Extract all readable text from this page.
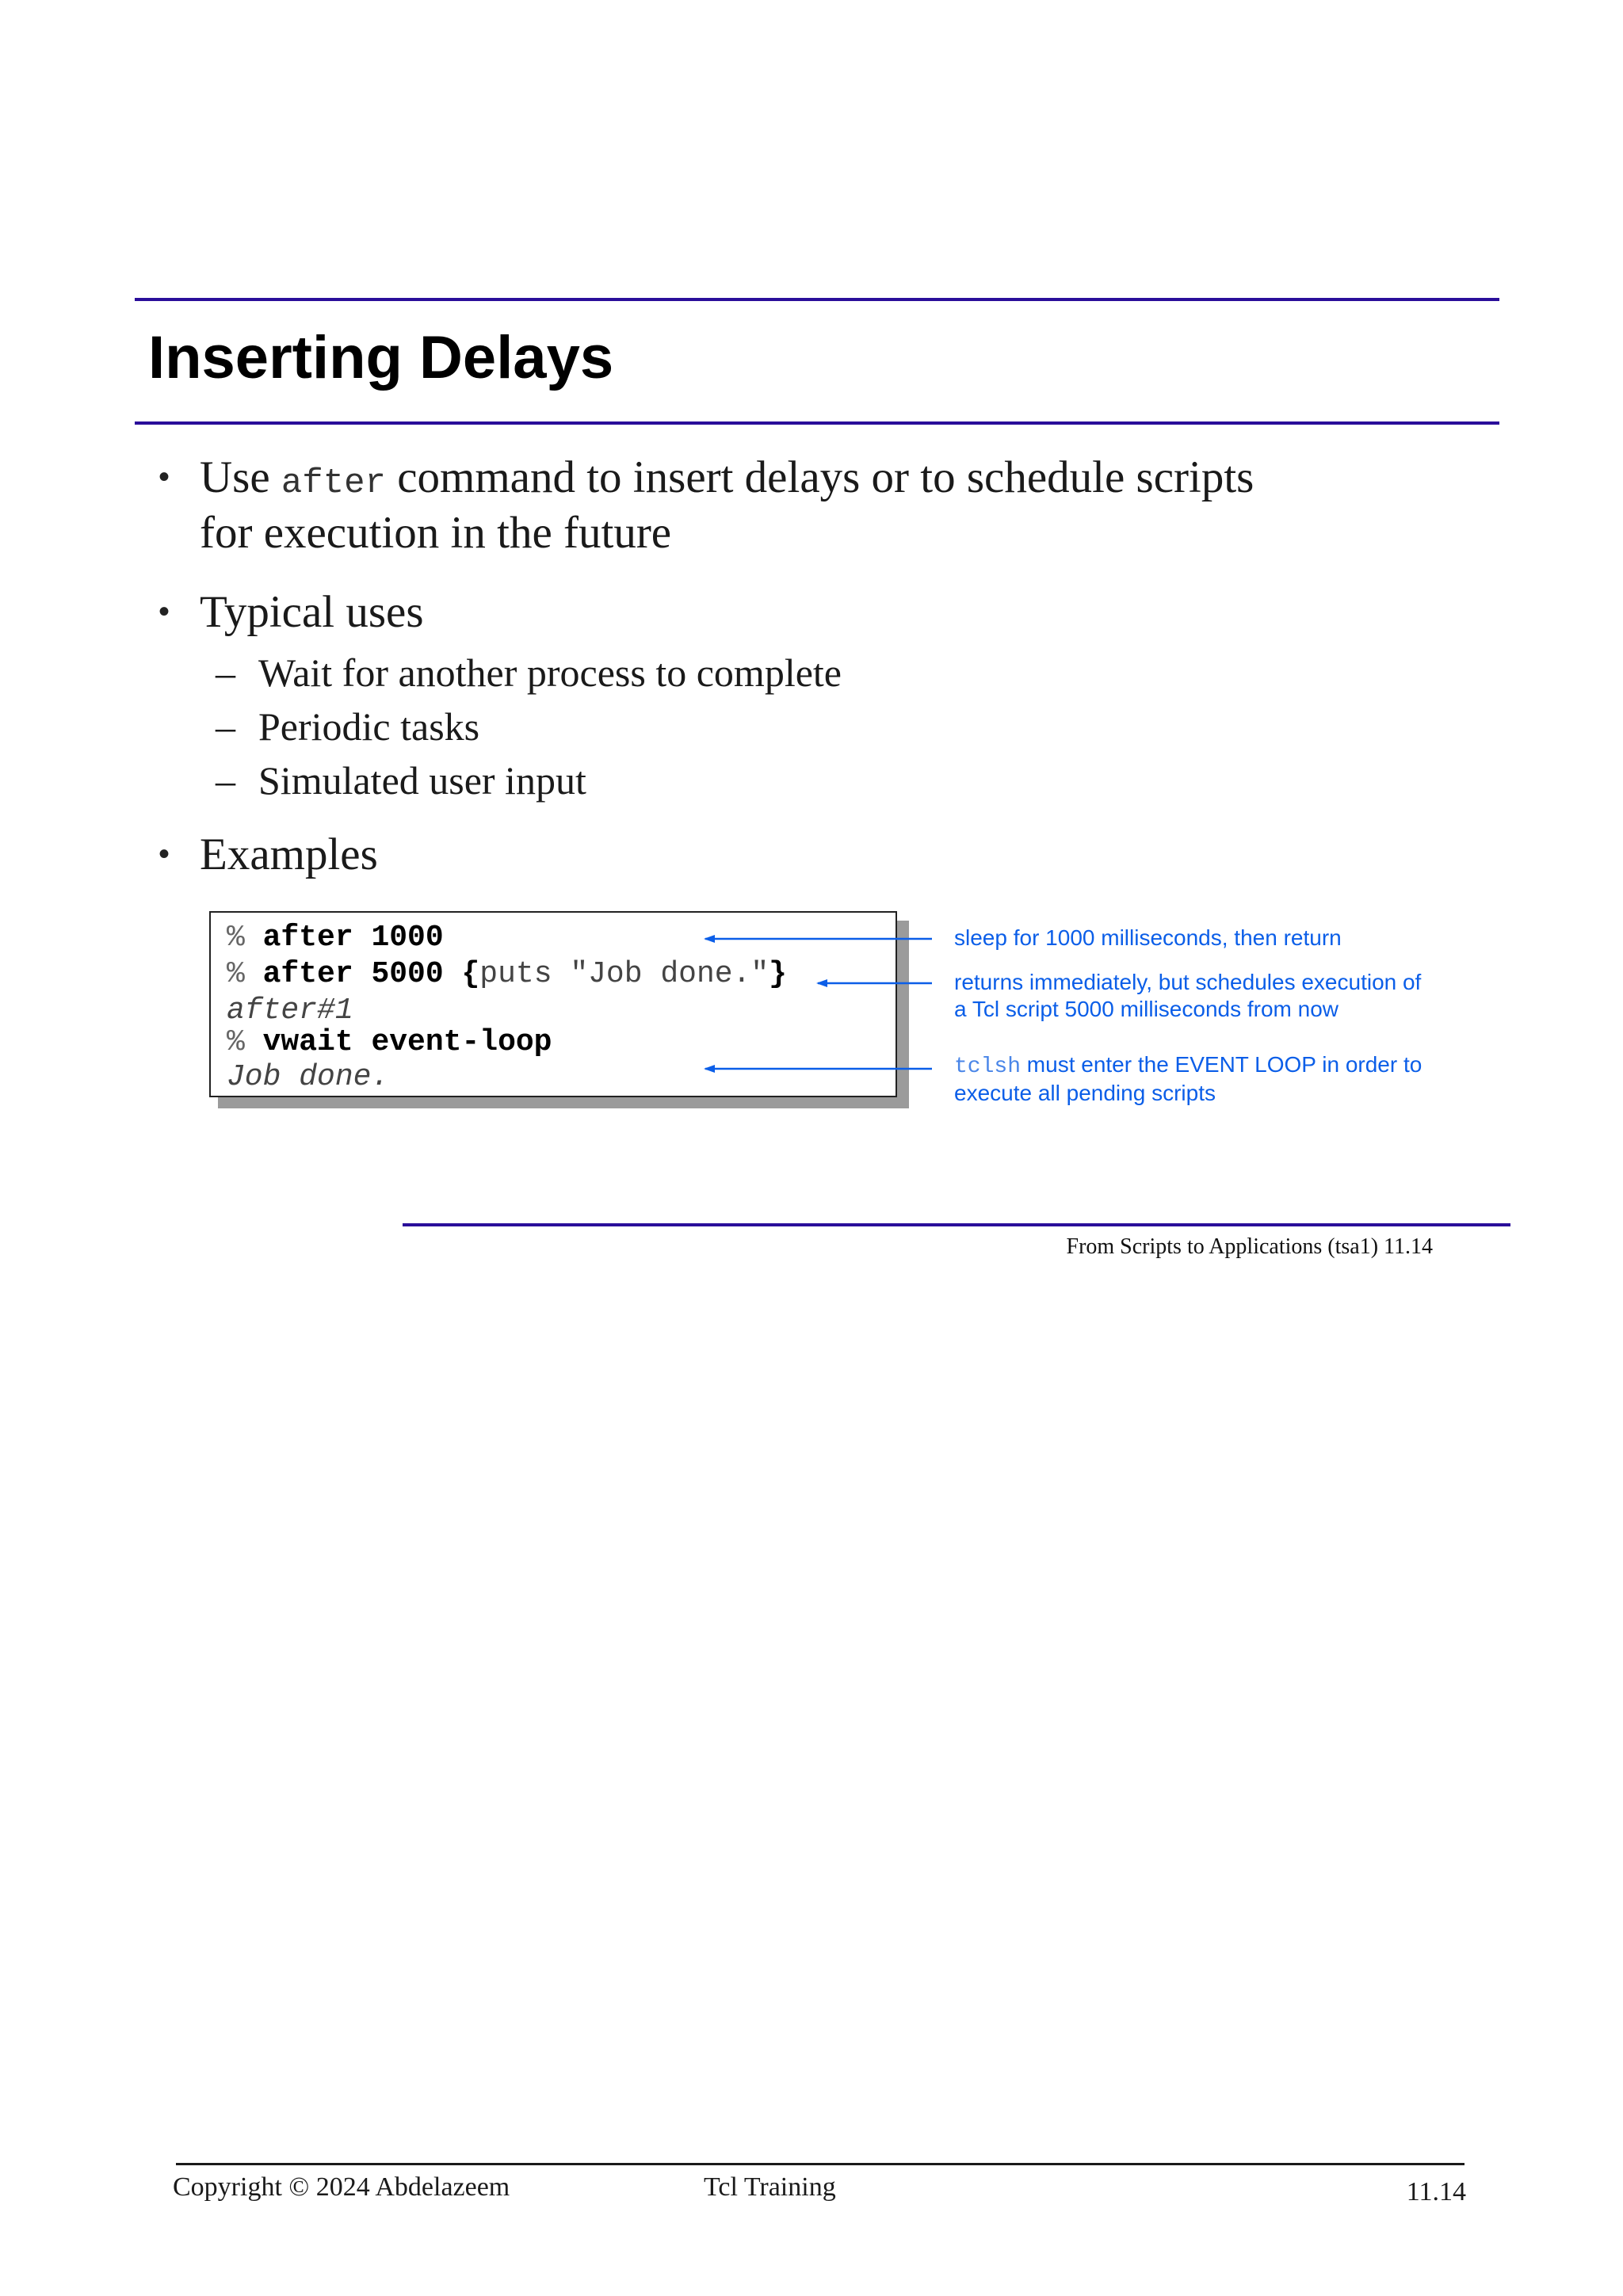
Inserting Delays
• Use after command to insert delays or to schedule scripts
for execution in the future
• Typical uses
– Wait for another process to complete
– Periodic tasks
– Simulated user input
• Examples
% after 1000
% after 5000 {puts "Job done."}
after#1
% vwait event-loop
Job done.
sleep for 1000 milliseconds, then return
returns immediately, but schedules execution of
a Tcl script 5000 milliseconds from now
tclsh must enter the EVENT LOOP in order to
execute all pending scripts
From Scripts to Applications (tsa1) 11.14
Copyright © 2024 Abdelazeem	Tcl Training	11.14
